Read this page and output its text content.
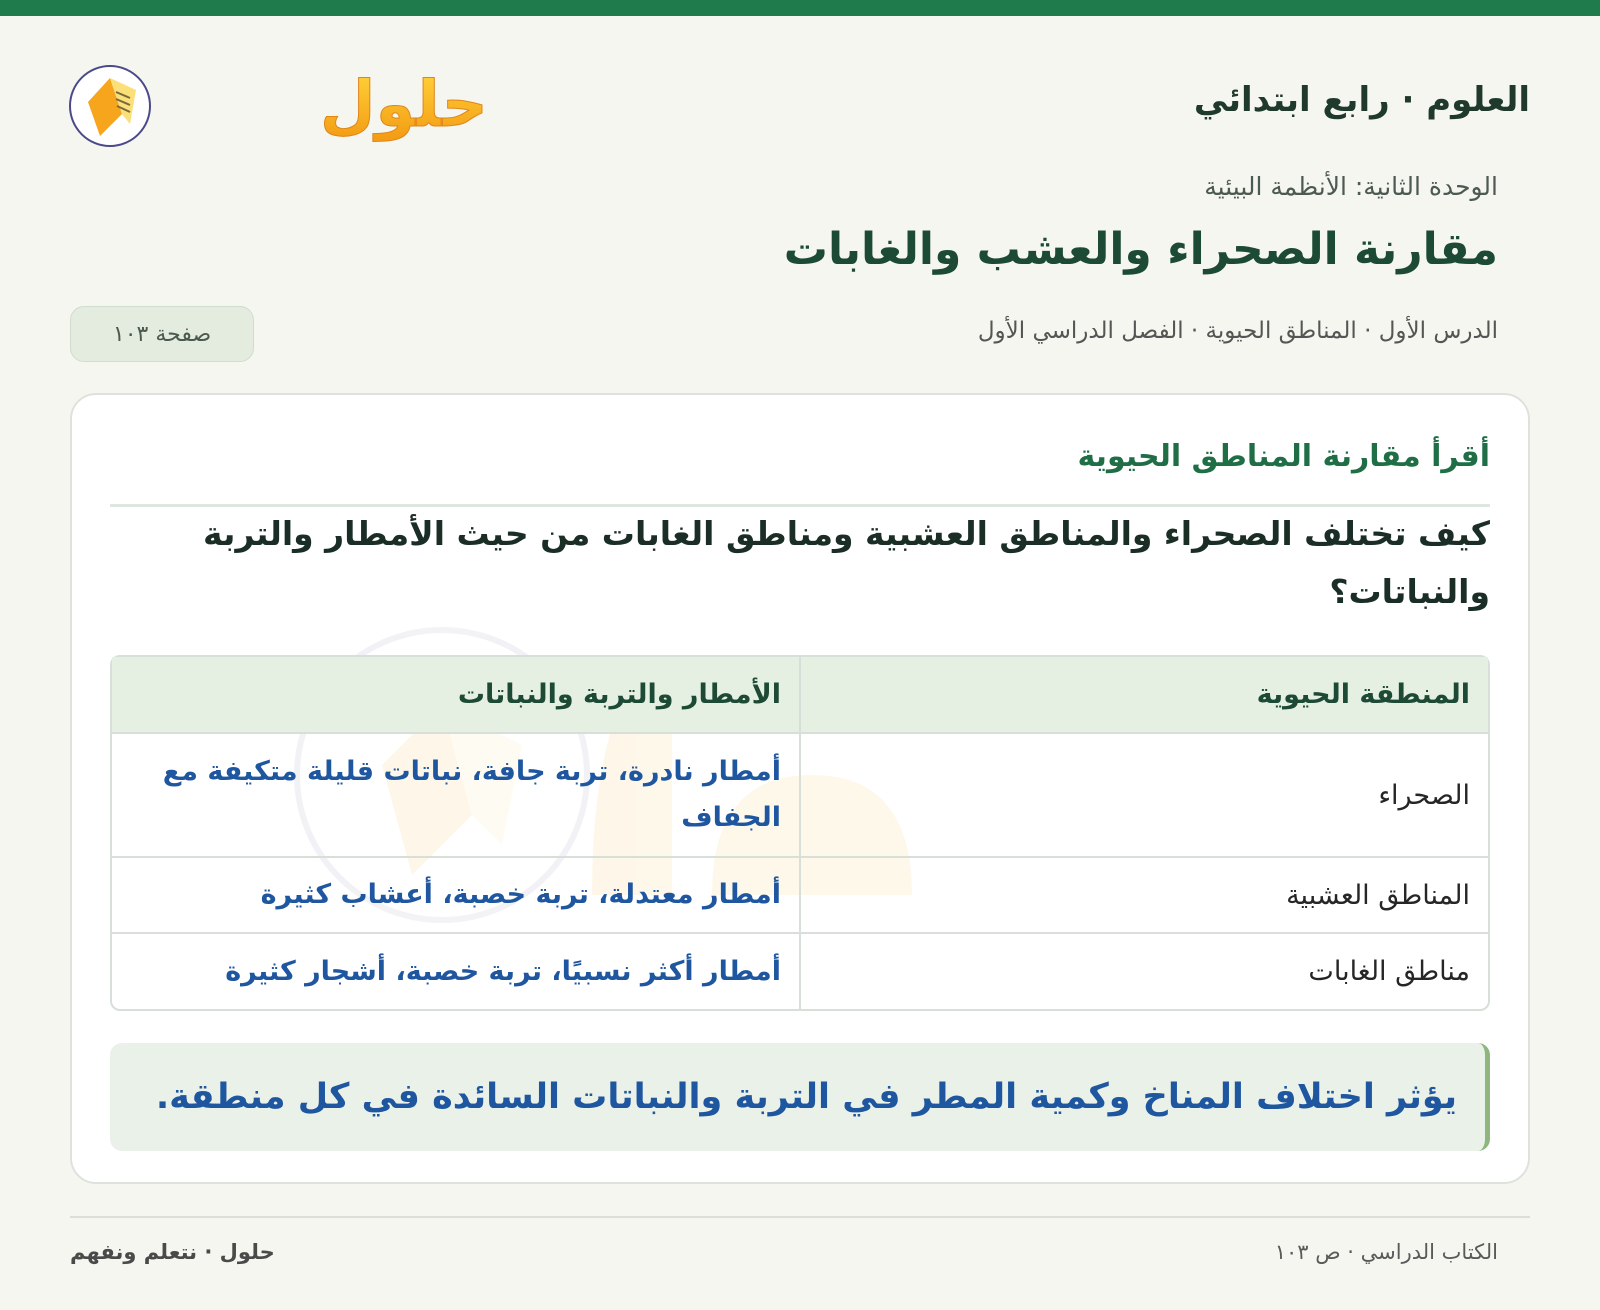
العلوم · رابع ابتدائي
حلول
الوحدة الثانية: الأنظمة البيئية
مقارنة الصحراء والعشب والغابات
الدرس الأول · المناطق الحيوية · الفصل الدراسي الأول
صفحة ١٠٣
أقرأ مقارنة المناطق الحيوية

كيف تختلف الصحراء والمناطق العشبية ومناطق الغابات من حيث الأمطار والتربة والنباتات؟

المنطقة الحيوية	الأمطار والتربة والنباتات
الصحراء	أمطار نادرة، تربة جافة، نباتات قليلة متكيفة مع الجفاف
المناطق العشبية	أمطار معتدلة، تربة خصبة، أعشاب كثيرة
مناطق الغابات	أمطار أكثر نسبيًا، تربة خصبة، أشجار كثيرة
يؤثر اختلاف المناخ وكمية المطر في التربة والنباتات السائدة في كل منطقة.
الكتاب الدراسي · ص ١٠٣
حلول · نتعلم ونفهم
